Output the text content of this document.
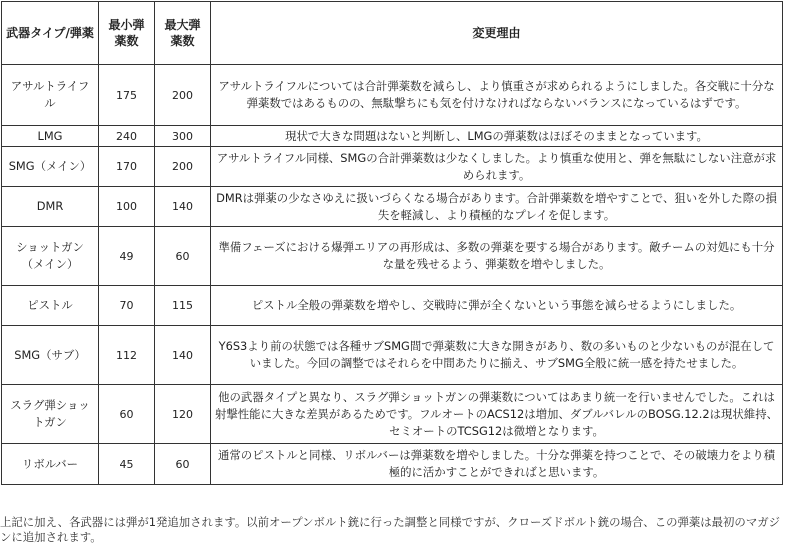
武器タイプ/弾薬	最小弾薬数	最大弾薬数	変更理由
アサルトライフル	175	200	アサルトライフルについては合計弾薬数を減らし、より慎重さが求められるようにしました。各交戦に十分な弾薬数ではあるものの、無駄撃ちにも気を付けなければならないバランスになっているはずです。
LMG	240	300	現状で大きな問題はないと判断し、LMGの弾薬数はほぼそのままとなっています。
SMG（メイン）	170	200	アサルトライフル同様、SMGの合計弾薬数は少なくしました。より慎重な使用と、弾を無駄にしない注意が求められます。
DMR	100	140	DMRは弾薬の少なさゆえに扱いづらくなる場合があります。合計弾薬数を増やすことで、狙いを外した際の損失を軽減し、より積極的なプレイを促します。
ショットガン（メイン）	49	60	準備フェーズにおける爆弾エリアの再形成は、多数の弾薬を要する場合があります。敵チームの対処にも十分な量を残せるよう、弾薬数を増やしました。
ピストル	70	115	ピストル全般の弾薬数を増やし、交戦時に弾が全くないという事態を減らせるようにしました。
SMG（サブ）	112	140	Y6S3より前の状態では各種サブSMG間で弾薬数に大きな開きがあり、数の多いものと少ないものが混在していました。今回の調整ではそれらを中間あたりに揃え、サブSMG全般に統一感を持たせました。
スラグ弾ショットガン	60	120	他の武器タイプと異なり、スラグ弾ショットガンの弾薬数についてはあまり統一を行いませんでした。これは射撃性能に大きな差異があるためです。フルオートのACS12は増加、ダブルバレルのBOSG.12.2は現状維持、セミオートのTCSG12は微増となります。
リボルバー	45	60	通常のピストルと同様、リボルバーは弾薬数を増やしました。十分な弾薬を持つことで、その破壊力をより積極的に活かすことができればと思います。

上記に加え、各武器には弾が1発追加されます。以前オープンボルト銃に行った調整と同様ですが、クローズドボルト銃の場合、この弾薬は最初のマガジンに追加されます。
